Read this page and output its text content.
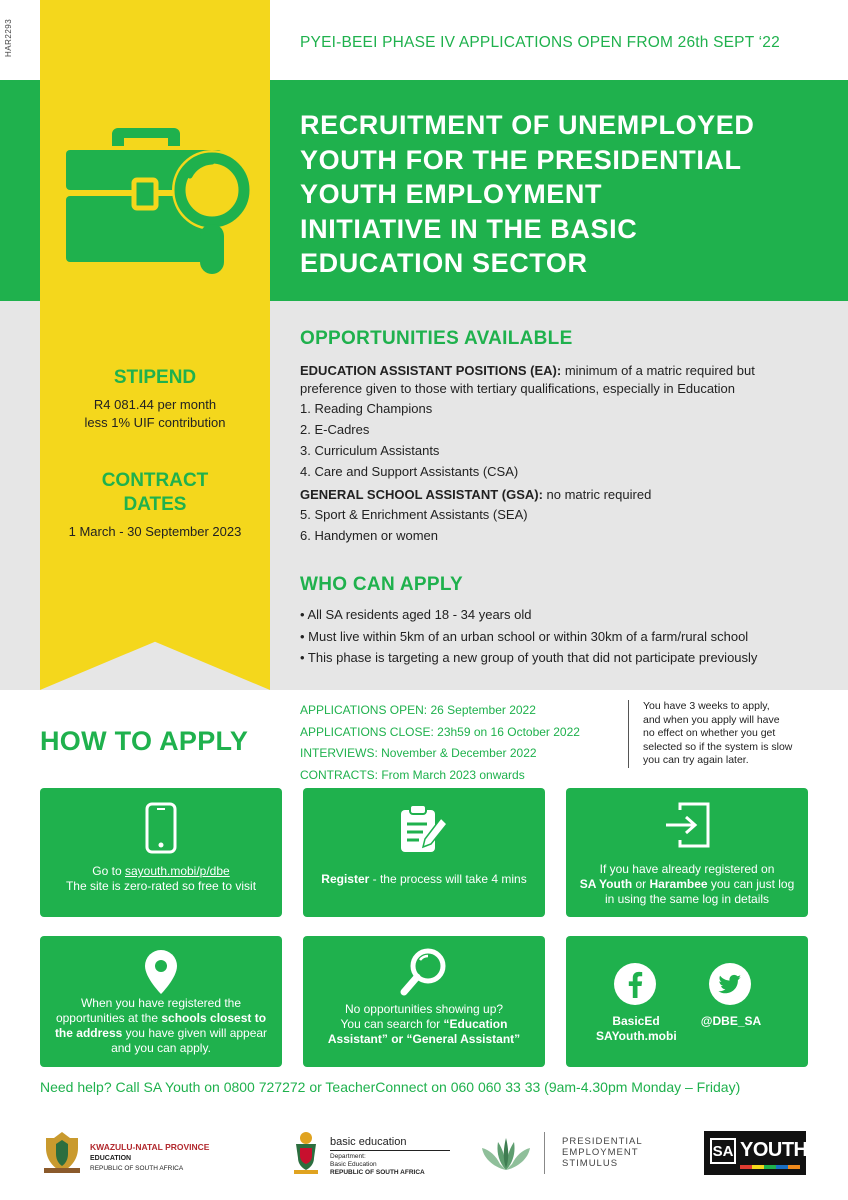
HAR2293	PYEI-BEEI PHASE IV APPLICATIONS OPEN FROM 26th SEPT ‘22
RECRUITMENT OF UNEMPLOYED
YOUTH FOR THE PRESIDENTIAL
YOUTH EMPLOYMENT
INITIATIVE IN THE BASIC
EDUCATION SECTOR
STIPEND
R4 081.44 per month
less 1% UIF contribution
CONTRACT
DATES
1 March - 30 September 2023
OPPORTUNITIES AVAILABLE

EDUCATION ASSISTANT POSITIONS (EA): minimum of a matric required but preference given to those with tertiary qualifications, especially in Education

1. Reading Champions
2. E-Cadres
3. Curriculum Assistants
4. Care and Support Assistants (CSA)

GENERAL SCHOOL ASSISTANT (GSA): no matric required

5. Sport & Enrichment Assistants (SEA)
6. Handymen or women
WHO CAN APPLY
• All SA residents aged 18 - 34 years old
• Must live within 5km of an urban school or within 30km of a farm/rural school
• This phase is targeting a new group of youth that did not participate previously
HOW TO APPLY
APPLICATIONS OPEN: 26 September 2022
APPLICATIONS CLOSE: 23h59 on 16 October 2022
INTERVIEWS: November & December 2022
CONTRACTS: From March 2023 onwards
You have 3 weeks to apply,
and when you apply will have
no effect on whether you get
selected so if the system is slow
you can try again later.
Go to sayouth.mobi/p/dbe
The site is zero-rated so free to visit	Register - the process will take 4 mins
If you have already registered on
SA Youth or Harambee you can just log
in using the same log in details
When you have registered the
opportunities at the schools closest to
the address you have given will appear
and you can apply.
No opportunities showing up?
You can search for “Education
Assistant” or “General Assistant”
BasicEd
SAYouth.mobi
@DBE_SA
Need help? Call SA Youth on 0800 727272 or TeacherConnect on 060 060 33 33 (9am-4.30pm Monday – Friday)
KWAZULU-NATAL PROVINCE
EDUCATION
REPUBLIC OF SOUTH AFRICA
basic education
Department:
Basic Education
REPUBLIC OF SOUTH AFRICA
PRESIDENTIAL
EMPLOYMENT
STIMULUS
SA YOUTH
